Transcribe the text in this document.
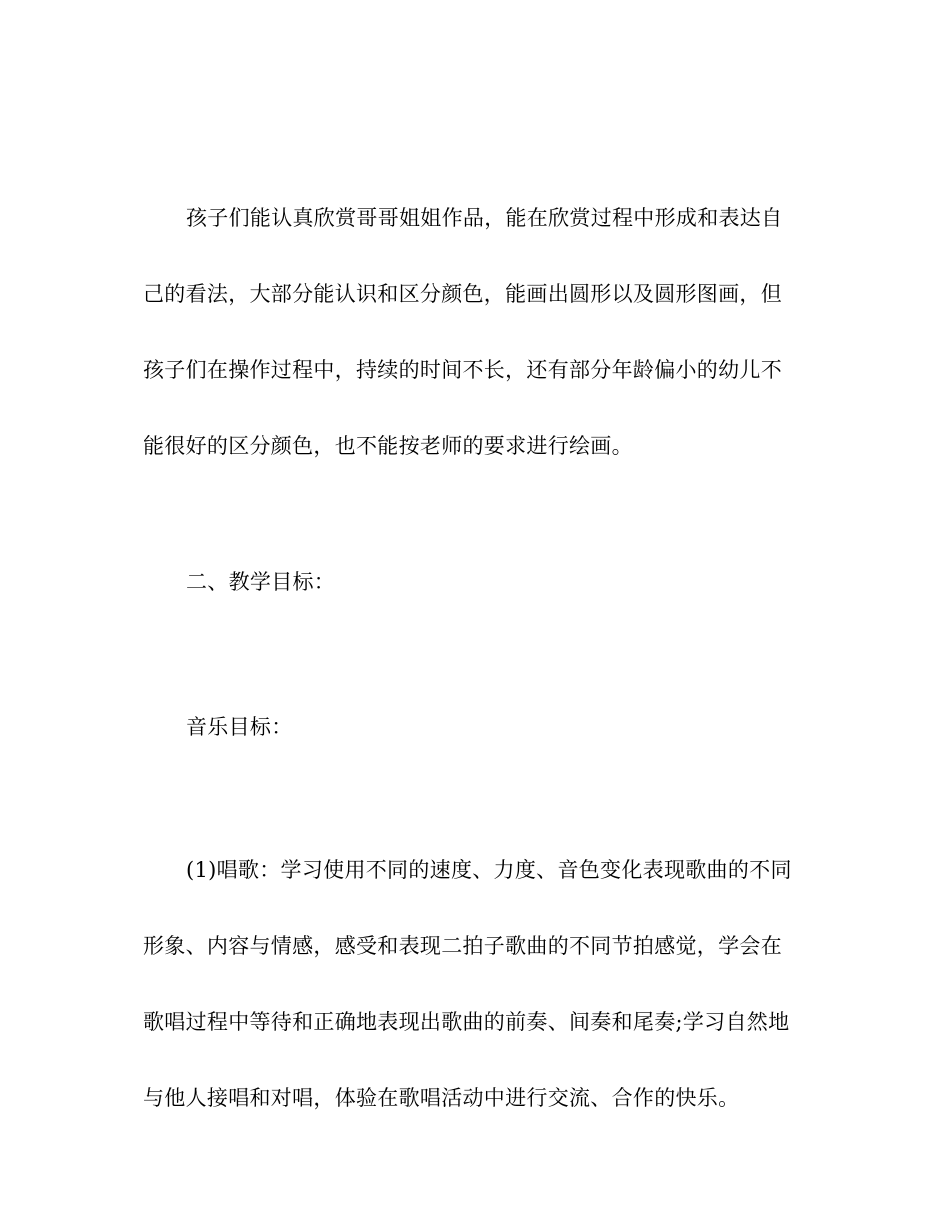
孩子们能认真欣赏哥哥姐姐作品，能在欣赏过程中形成和表达自
己的看法，大部分能认识和区分颜色，能画出圆形以及圆形图画，但
孩子们在操作过程中，持续的时间不长，还有部分年龄偏小的幼儿不
能很好的区分颜色，也不能按老师的要求进行绘画。
二、教学目标：
音乐目标：
(1)唱歌：学习使用不同的速度、力度、音色变化表现歌曲的不同
形象、内容与情感，感受和表现二拍子歌曲的不同节拍感觉，学会在
歌唱过程中等待和正确地表现出歌曲的前奏、间奏和尾奏;学习自然地
与他人接唱和对唱，体验在歌唱活动中进行交流、合作的快乐。
